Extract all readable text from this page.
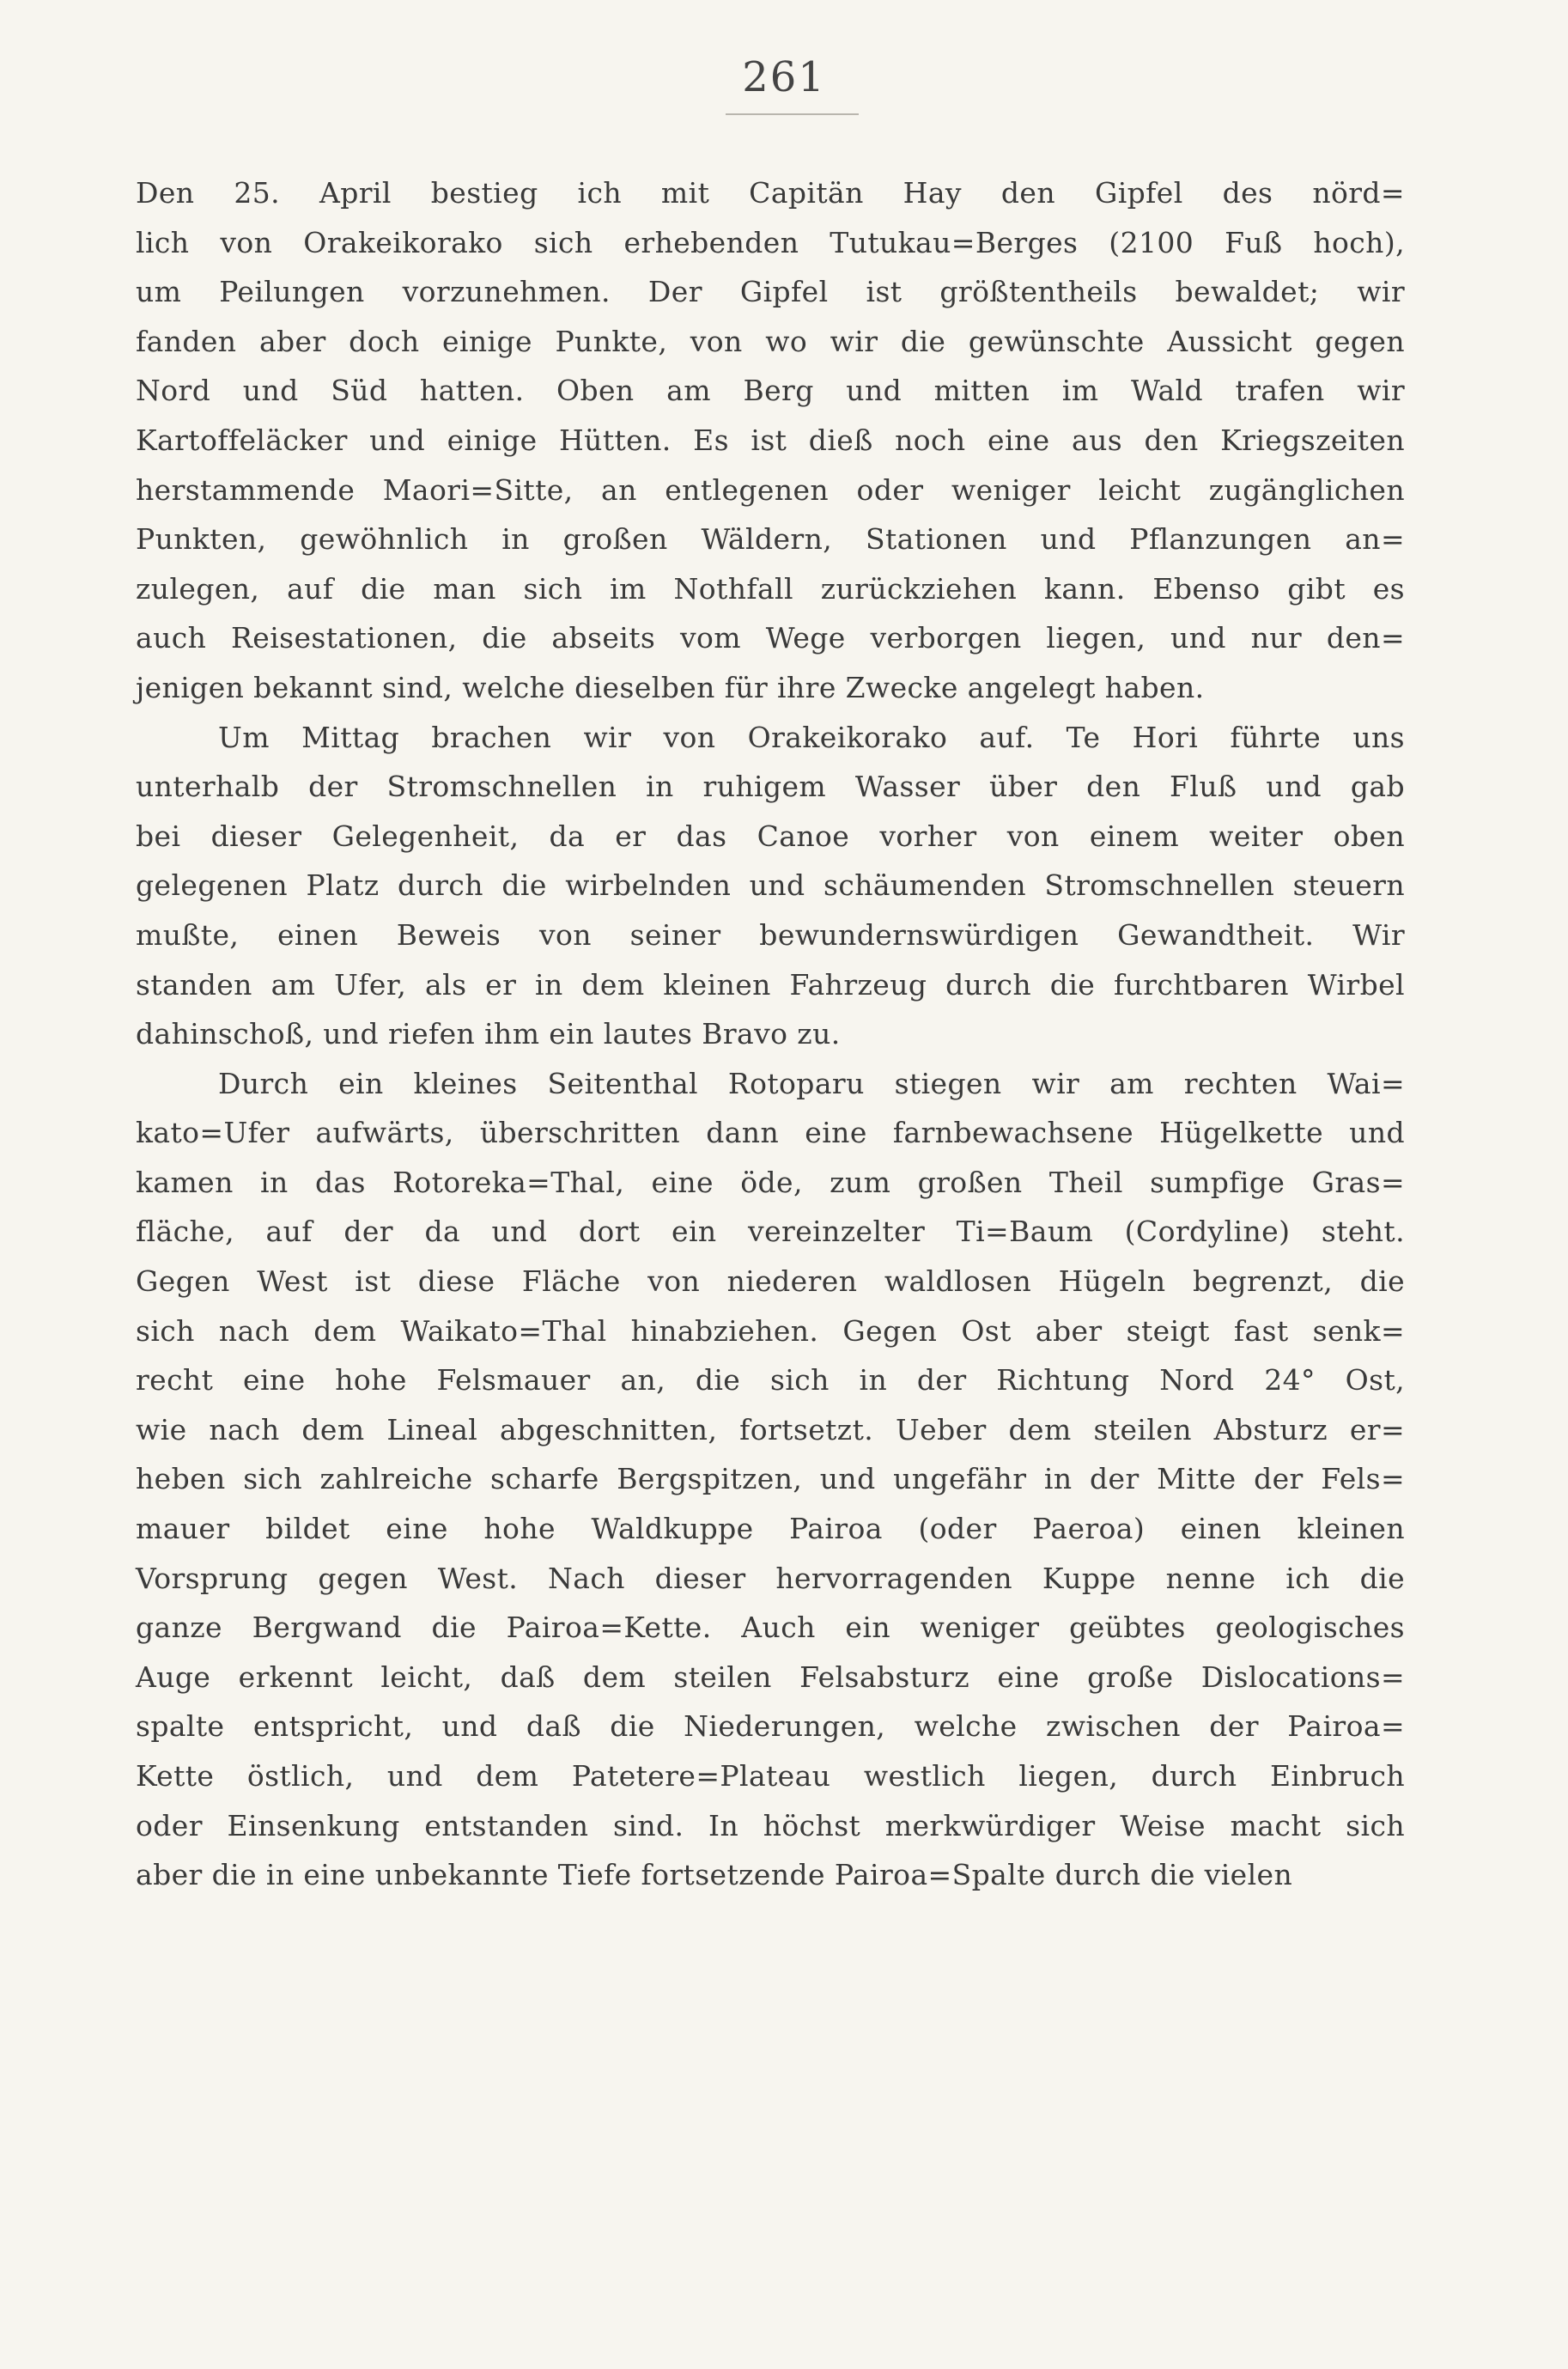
261
Den 25. April bestieg ich mit Capitän Hay den Gipfel des nörd=
lich von Orakeikorako sich erhebenden Tutukau=Berges (2100 Fuß hoch),
um Peilungen vorzunehmen. Der Gipfel ist größtentheils bewaldet; wir
fanden aber doch einige Punkte, von wo wir die gewünschte Aussicht gegen
Nord und Süd hatten. Oben am Berg und mitten im Wald trafen wir
Kartoffeläcker und einige Hütten. Es ist dieß noch eine aus den Kriegszeiten
herstammende Maori=Sitte, an entlegenen oder weniger leicht zugänglichen
Punkten, gewöhnlich in großen Wäldern, Stationen und Pflanzungen an=
zulegen, auf die man sich im Nothfall zurückziehen kann. Ebenso gibt es
auch Reisestationen, die abseits vom Wege verborgen liegen, und nur den=
jenigen bekannt sind, welche dieselben für ihre Zwecke angelegt haben.
Um Mittag brachen wir von Orakeikorako auf. Te Hori führte uns
unterhalb der Stromschnellen in ruhigem Wasser über den Fluß und gab
bei dieser Gelegenheit, da er das Canoe vorher von einem weiter oben
gelegenen Platz durch die wirbelnden und schäumenden Stromschnellen steuern
mußte, einen Beweis von seiner bewundernswürdigen Gewandtheit. Wir
standen am Ufer, als er in dem kleinen Fahrzeug durch die furchtbaren Wirbel
dahinschoß, und riefen ihm ein lautes Bravo zu.
Durch ein kleines Seitenthal Rotoparu stiegen wir am rechten Wai=
kato=Ufer aufwärts, überschritten dann eine farnbewachsene Hügelkette und
kamen in das Rotoreka=Thal, eine öde, zum großen Theil sumpfige Gras=
fläche, auf der da und dort ein vereinzelter Ti=Baum (Cordyline) steht.
Gegen West ist diese Fläche von niederen waldlosen Hügeln begrenzt, die
sich nach dem Waikato=Thal hinabziehen. Gegen Ost aber steigt fast senk=
recht eine hohe Felsmauer an, die sich in der Richtung Nord 24° Ost,
wie nach dem Lineal abgeschnitten, fortsetzt. Ueber dem steilen Absturz er=
heben sich zahlreiche scharfe Bergspitzen, und ungefähr in der Mitte der Fels=
mauer bildet eine hohe Waldkuppe Pairoa (oder Paeroa) einen kleinen
Vorsprung gegen West. Nach dieser hervorragenden Kuppe nenne ich die
ganze Bergwand die Pairoa=Kette. Auch ein weniger geübtes geologisches
Auge erkennt leicht, daß dem steilen Felsabsturz eine große Dislocations=
spalte entspricht, und daß die Niederungen, welche zwischen der Pairoa=
Kette östlich, und dem Patetere=Plateau westlich liegen, durch Einbruch
oder Einsenkung entstanden sind. In höchst merkwürdiger Weise macht sich
aber die in eine unbekannte Tiefe fortsetzende Pairoa=Spalte durch die vielen
